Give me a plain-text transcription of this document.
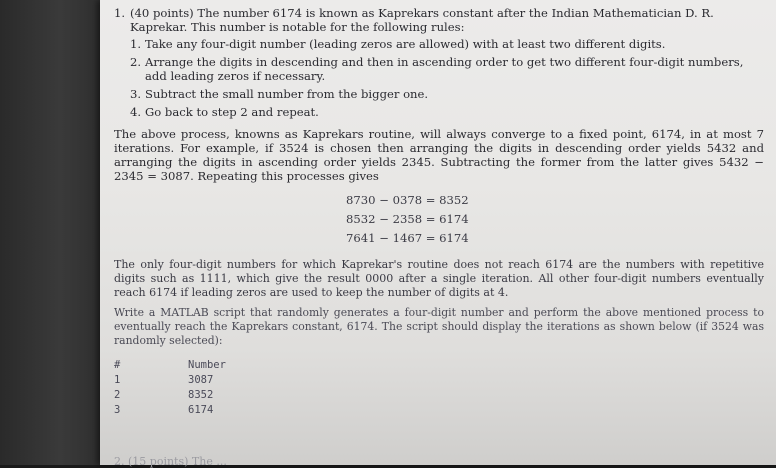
1. (40 points) The number 6174 is known as Kaprekars constant after the Indian Mathematician D. R. Kaprekar. This number is notable for the following rules:

1. Take any four-digit number (leading zeros are allowed) with at least two different digits.
2. Arrange the digits in descending and then in ascending order to get two different four-digit numbers, add leading zeros if necessary.
3. Subtract the small number from the bigger one.
4. Go back to step 2 and repeat.

The above process, knowns as Kaprekars routine, will always converge to a fixed point, 6174, in at most 7 iterations. For example, if 3524 is chosen then arranging the digits in descending order yields 5432 and arranging the digits in ascending order yields 2345. Subtracting the former from the latter gives 5432 − 2345 = 3087. Repeating this processes gives

8730 − 0378 = 8352
8532 − 2358 = 6174
7641 − 1467 = 6174

The only four-digit numbers for which Kaprekar's routine does not reach 6174 are the numbers with repetitive digits such as 1111, which give the result 0000 after a single iteration. All other four-digit numbers eventually reach 6174 if leading zeros are used to keep the number of digits at 4.

Write a MATLAB script that randomly generates a four-digit number and perform the above mentioned process to eventually reach the Kaprekars constant, 6174. The script should display the iterations as shown below (if 3524 was randomly selected):

#
1
2
3
Number
3087
8352
6174
2. (15 points) The ...
